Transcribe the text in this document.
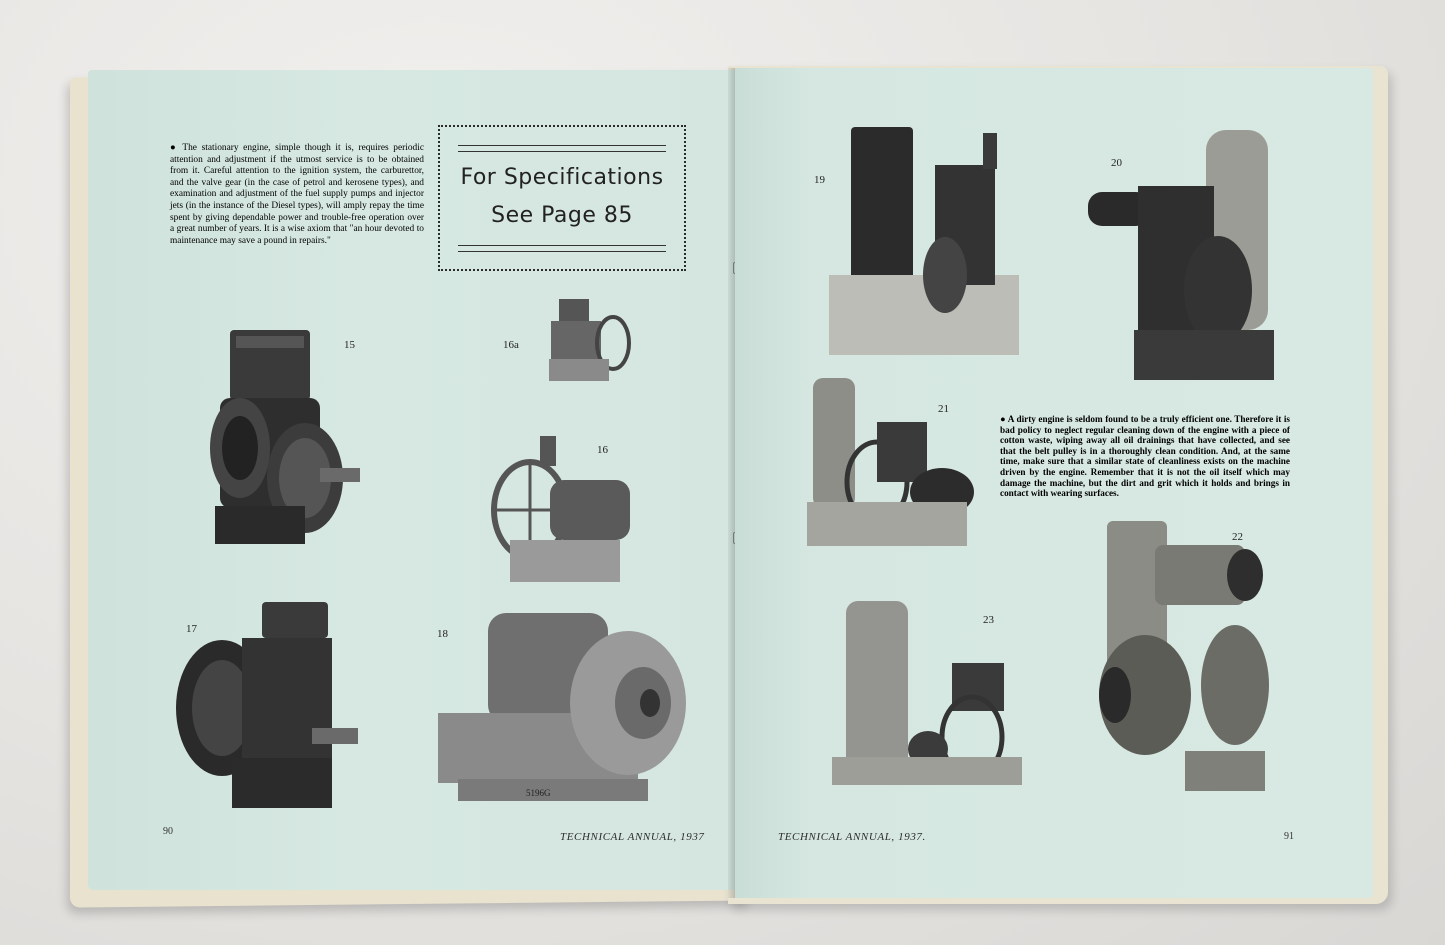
● The stationary engine, simple though it is, requires periodic attention and adjustment if the utmost service is to be obtained from it. Careful attention to the ignition system, the carburettor, and the valve gear (in the case of petrol and kerosene types), and examination and adjustment of the fuel supply pumps and injector jets (in the instance of the Diesel types), will amply repay the time spent by giving dependable power and trouble-free operation over a great number of years. It is a wise axiom that "an hour devoted to maintenance may save a pound in repairs."

For Specifications
See Page 85
15	16a
16
17	18
5196G
90	TECHNICAL ANNUAL, 1937
19
20
21

● A dirty engine is seldom found to be a truly efficient one. Therefore it is bad policy to neglect regular cleaning down of the engine with a piece of cotton waste, wiping away all oil drainings that have collected, and see that the belt pulley is in a thoroughly clean condition. And, at the same time, make sure that a similar state of cleanliness exists on the machine driven by the engine. Remember that it is not the oil itself which may damage the machine, but the dirt and grit which it holds and brings in contact with wearing surfaces.

22
23
TECHNICAL ANNUAL, 1937.	91
